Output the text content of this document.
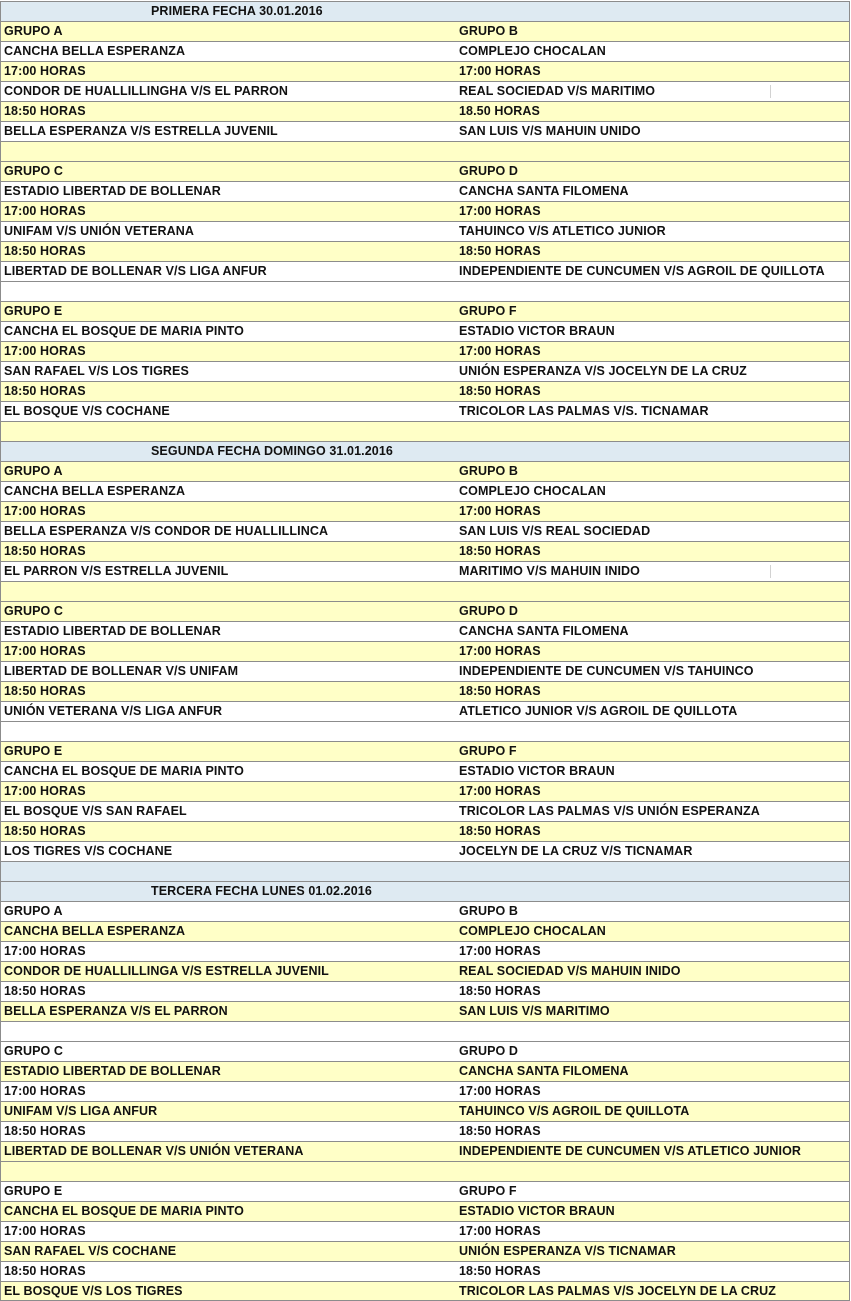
PRIMERA FECHA 30.01.2016
GRUPO A	GRUPO B
CANCHA BELLA ESPERANZA	COMPLEJO CHOCALAN
17:00 HORAS	17:00 HORAS
CONDOR DE HUALLILLINGHA V/S EL PARRON	REAL SOCIEDAD V/S MARITIMO
18:50 HORAS	18.50 HORAS
BELLA ESPERANZA V/S ESTRELLA JUVENIL	SAN LUIS V/S MAHUIN UNIDO
GRUPO C	GRUPO D
ESTADIO LIBERTAD DE BOLLENAR	CANCHA SANTA FILOMENA
17:00 HORAS	17:00 HORAS
UNIFAM V/S UNIÓN VETERANA	TAHUINCO V/S ATLETICO JUNIOR
18:50 HORAS	18:50 HORAS
LIBERTAD DE BOLLENAR V/S LIGA ANFUR	INDEPENDIENTE DE CUNCUMEN V/S AGROIL DE QUILLOTA
GRUPO E	GRUPO F
CANCHA EL BOSQUE DE MARIA PINTO	ESTADIO VICTOR BRAUN
17:00 HORAS	17:00 HORAS
SAN RAFAEL V/S LOS TIGRES	UNIÓN ESPERANZA V/S JOCELYN DE LA CRUZ
18:50 HORAS	18:50 HORAS
EL BOSQUE V/S COCHANE	TRICOLOR LAS PALMAS V/S. TICNAMAR
SEGUNDA FECHA DOMINGO 31.01.2016
GRUPO A	GRUPO B
CANCHA BELLA ESPERANZA	COMPLEJO CHOCALAN
17:00 HORAS	17:00 HORAS
BELLA ESPERANZA V/S CONDOR DE HUALLILLINCA	SAN LUIS V/S REAL SOCIEDAD
18:50 HORAS	18:50 HORAS
EL PARRON V/S ESTRELLA JUVENIL	MARITIMO V/S MAHUIN INIDO
GRUPO C	GRUPO D
ESTADIO LIBERTAD DE BOLLENAR	CANCHA SANTA FILOMENA
17:00 HORAS	17:00 HORAS
LIBERTAD DE BOLLENAR V/S UNIFAM	INDEPENDIENTE DE CUNCUMEN V/S TAHUINCO
18:50 HORAS	18:50 HORAS
UNIÓN VETERANA V/S LIGA ANFUR	ATLETICO JUNIOR V/S AGROIL DE QUILLOTA
GRUPO E	GRUPO F
CANCHA EL BOSQUE DE MARIA PINTO	ESTADIO VICTOR BRAUN
17:00 HORAS	17:00 HORAS
EL BOSQUE V/S SAN RAFAEL	TRICOLOR LAS PALMAS V/S UNIÓN ESPERANZA
18:50 HORAS	18:50 HORAS
LOS TIGRES V/S COCHANE	JOCELYN DE LA CRUZ V/S TICNAMAR
TERCERA FECHA LUNES 01.02.2016
GRUPO A	GRUPO B
CANCHA BELLA ESPERANZA	COMPLEJO CHOCALAN
17:00 HORAS	17:00 HORAS
CONDOR DE HUALLILLINGA V/S ESTRELLA JUVENIL	REAL SOCIEDAD V/S MAHUIN INIDO
18:50 HORAS	18:50 HORAS
BELLA ESPERANZA V/S EL PARRON	SAN LUIS V/S MARITIMO
GRUPO C	GRUPO D
ESTADIO LIBERTAD DE BOLLENAR	CANCHA SANTA FILOMENA
17:00 HORAS	17:00 HORAS
UNIFAM V/S LIGA ANFUR	TAHUINCO V/S AGROIL DE QUILLOTA
18:50 HORAS	18:50 HORAS
LIBERTAD DE BOLLENAR V/S UNIÓN VETERANA	INDEPENDIENTE DE CUNCUMEN V/S ATLETICO JUNIOR
GRUPO E	GRUPO F
CANCHA EL BOSQUE DE MARIA PINTO	ESTADIO VICTOR BRAUN
17:00 HORAS	17:00 HORAS
SAN RAFAEL V/S COCHANE	UNIÓN ESPERANZA V/S TICNAMAR
18:50 HORAS	18:50 HORAS
EL BOSQUE V/S LOS TIGRES	TRICOLOR LAS PALMAS V/S JOCELYN DE LA CRUZ
